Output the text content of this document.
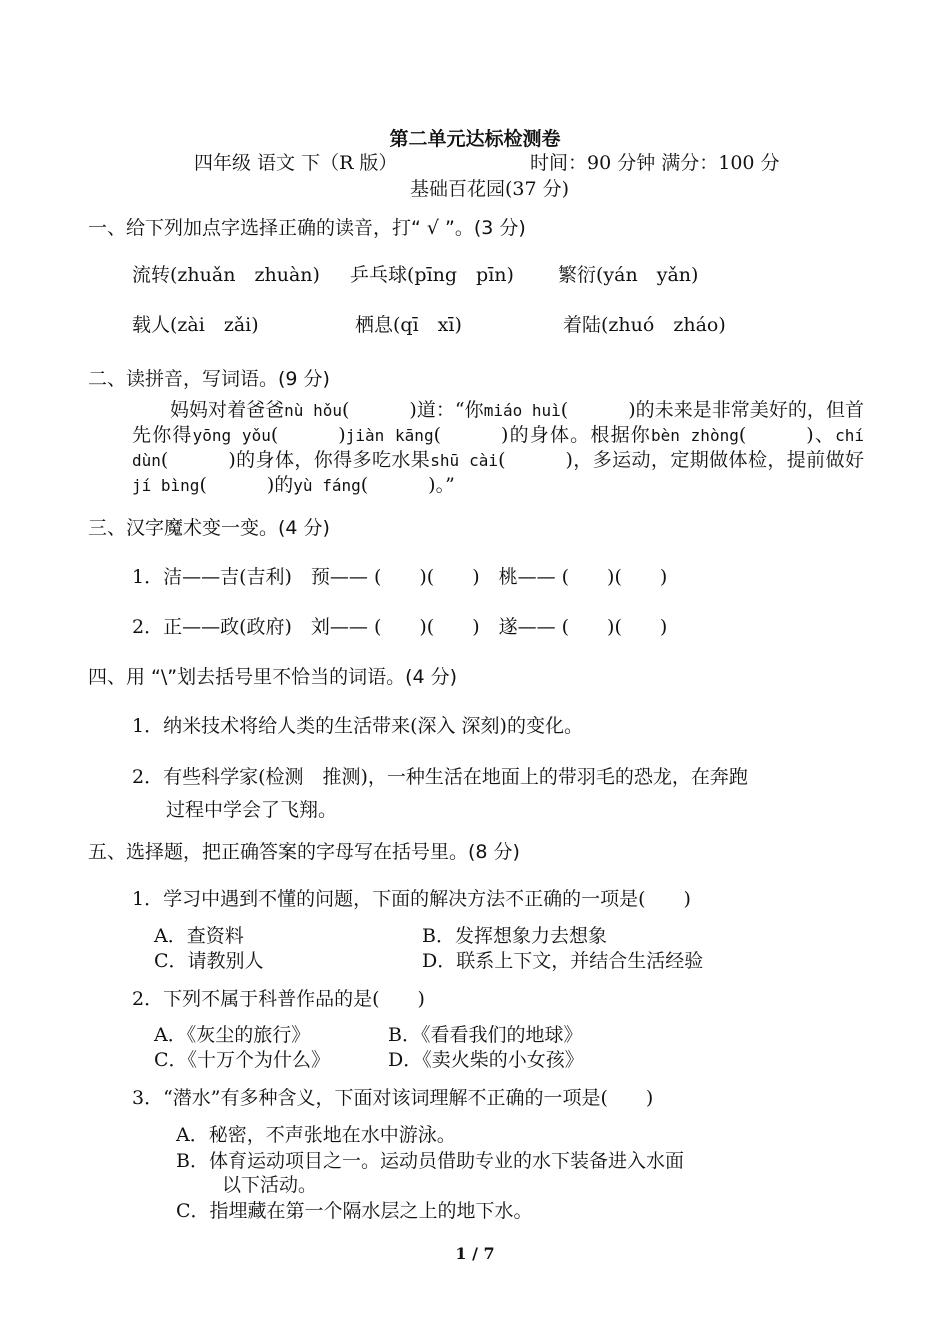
第二单元达标检测卷
四年级 语文 下（R 版）	时间：90 分钟 满分：100 分
基础百花园(37 分)
一、给下列加点字选择正确的读音，打“ √ ”。(3 分)
流转(zhuǎn　zhuàn) 乒乓球(pīng　pīn) 繁衍(yán　yǎn)
载人(zài　zǎi)	栖息(qī　xī)	着陆(zhuó　zháo)
二、读拼音，写词语。(9 分)
妈妈对着爸爸nù hǒu(	)道：“你miáo huì(	)的未来是非常美好的，但首先你得yōng yǒu(	)jiàn kāng(	)的身体。根据你bèn zhòng(	)、chí dùn(	)的身体，你得多吃水果shū cài(	)，多运动，定期做体检，提前做好jí bìng(	)的yù fáng(	)。”
三、汉字魔术变一变。(4 分)
1．洁——吉(吉利)　预—— (　　)(　　)　桃—— (　　)(　　)
2．正——政(政府)　刘—— (　　)(　　)　遂—— (　　)(　　)
四、用 “\”划去括号里不恰当的词语。(4 分)
1．纳米技术将给人类的生活带来(深入 深刻)的变化。
2．有些科学家(检测　推测)，一种生活在地面上的带羽毛的恐龙，在奔跑
过程中学会了飞翔。
五、选择题，把正确答案的字母写在括号里。(8 分)
1．学习中遇到不懂的问题，下面的解决方法不正确的一项是(　　)
A．查资料	B．发挥想象力去想象
C．请教别人	D．联系上下文，并结合生活经验
2．下列不属于科普作品的是(　　)
A．《灰尘的旅行》	B．《看看我们的地球》
C．《十万个为什么》	D．《卖火柴的小女孩》
3．“潜水”有多种含义，下面对该词理解不正确的一项是(　　)
A．秘密，不声张地在水中游泳。
B．体育运动项目之一。运动员借助专业的水下装备进入水面
以下活动。
C．指埋藏在第一个隔水层之上的地下水。
1 / 7
